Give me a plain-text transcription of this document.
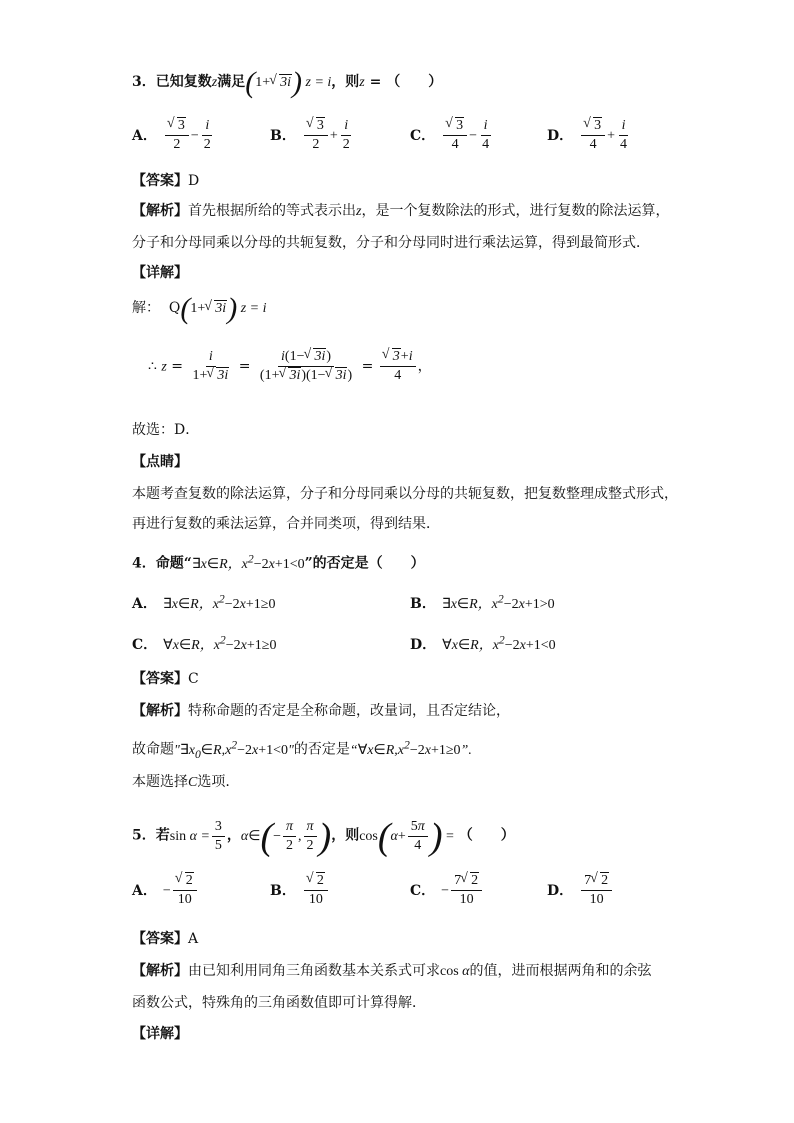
3．已知复数z满足(1+ √ 3i) z = i，则z = （　　）
A． √ $\frac{3}{2} - \frac{i}{2}$	B． √ $\frac{3}{2} + \frac{i}{2}$	C． √ $\frac{3}{4} - \frac{i}{4}$	D． √ $\frac{3}{4} + \frac{i}{4}$
【答案】D
【解析】首先根据所给的等式表示出z，是一个复数除法的形式，进行复数的除法运算，
分子和分母同乘以分母的共轭复数，分子和分母同时进行乘法运算，得到最简形式．
【详解】
解： Q(1+ √ 3i) z = i
∴ $z = \frac{i}{1+ √ 3i} = \frac{i(1- √ 3i)}{(1+ √ 3i)(1- √ 3i)}$ = √ $\frac{3+i}{4}$ ，
故选：D．
【点睛】
本题考查复数的除法运算，分子和分母同乘以分母的共轭复数，把复数整理成整式形式，
再进行复数的乘法运算，合并同类项，得到结果．
4．命题“∃x∈R，$x^2-2x+1<0$”的否定是（　　）
A． ∃x∈R，$x^2-2x+1\ge 0$	B． ∃x∈R，$x^2-2x+1>0$
C． ∀x∈R，$x^2-2x+1\ge 0$	D． ∀x∈R，$x^2-2x+1<0$
【答案】C
【解析】特称命题的否定是全称命题，改量词，且否定结论，
故命题"$\exists x_0\in R,x^2-2x+1<0$"的否定是“$\forall x\in R,x^2-2x+1\ge 0$”.
本题选择C选项.
5．若$\sin \alpha = \frac{3}{5}$ ，α∈(− $\frac{\pi}{2}$ , $\frac{\pi}{2}$ )，则$\cos(\alpha+ \frac{5\pi}{4}$ ) = （　　）
A． − √ $\frac{2}{10}$	B． √ $\frac{2}{10}$	C． − $\frac{7 √ 2}{10}$	D． $\frac{7 √ 2}{10}$
【答案】A
【解析】由已知利用同角三角函数基本关系式可求cos α的值，进而根据两角和的余弦
函数公式，特殊角的三角函数值即可计算得解．
【详解】
